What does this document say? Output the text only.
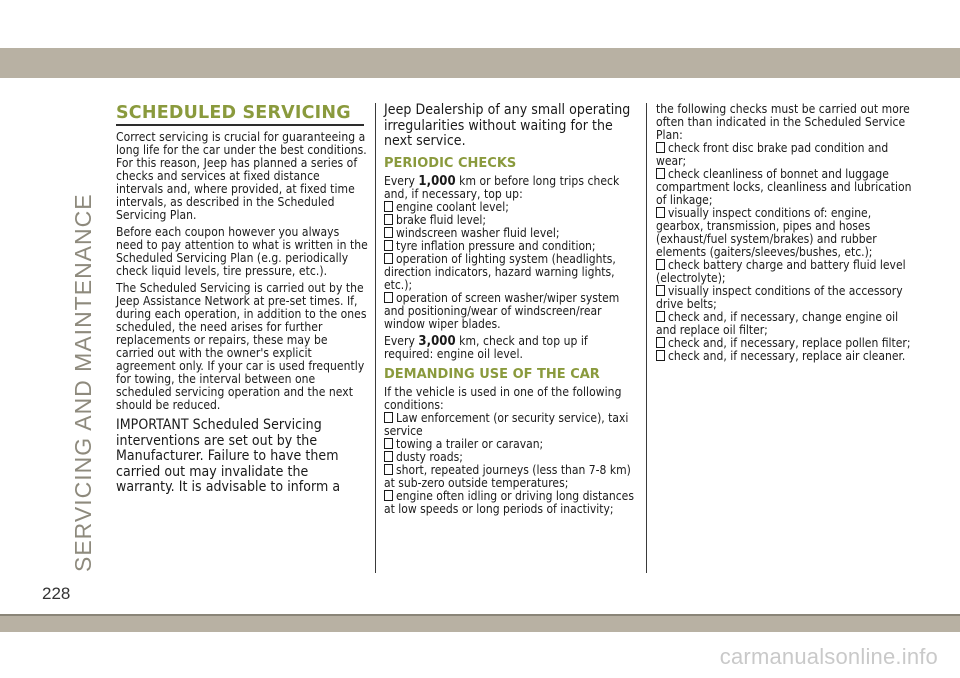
SERVICING AND MAINTENANCE
SCHEDULED SERVICING

Correct servicing is crucial for guaranteeing a long life for the car under the best conditions. For this reason, Jeep has planned a series of checks and services at fixed distance intervals and, where provided, at fixed time intervals, as described in the Scheduled Servicing Plan.

Before each coupon however you always need to pay attention to what is written in the Scheduled Servicing Plan (e.g. periodically check liquid levels, tire pressure, etc.).

The Scheduled Servicing is carried out by the Jeep Assistance Network at pre-set times. If, during each operation, in addition to the ones scheduled, the need arises for further replacements or repairs, these may be carried out with the owner's explicit agreement only. If your car is used frequently for towing, the interval between one scheduled servicing operation and the next should be reduced.

IMPORTANT Scheduled Servicing interventions are set out by the Manufacturer. Failure to have them carried out may invalidate the warranty. It is advisable to inform a

Jeep Dealership of any small operating irregularities without waiting for the next service.

PERIODIC CHECKS

Every 1,000 km or before long trips check and, if necessary, top up:

engine coolant level;

brake fluid level;

windscreen washer fluid level;

tyre inflation pressure and condition;

operation of lighting system (headlights, direction indicators, hazard warning lights, etc.);

operation of screen washer/wiper system and positioning/wear of windscreen/rear window wiper blades.

Every 3,000 km, check and top up if required: engine oil level.

DEMANDING USE OF THE CAR

If the vehicle is used in one of the following conditions:

Law enforcement (or security service), taxi service

towing a trailer or caravan;

dusty roads;

short, repeated journeys (less than 7-8 km) at sub-zero outside temperatures;

engine often idling or driving long distances at low speeds or long periods of inactivity;

the following checks must be carried out more often than indicated in the Scheduled Service Plan:

check front disc brake pad condition and wear;

check cleanliness of bonnet and luggage compartment locks, cleanliness and lubrication of linkage;

visually inspect conditions of: engine, gearbox, transmission, pipes and hoses (exhaust/fuel system/brakes) and rubber elements (gaiters/sleeves/bushes, etc.);

check battery charge and battery fluid level (electrolyte);

visually inspect conditions of the accessory drive belts;

check and, if necessary, change engine oil and replace oil filter;

check and, if necessary, replace pollen filter;

check and, if necessary, replace air cleaner.

228
carmanualsonline.info
